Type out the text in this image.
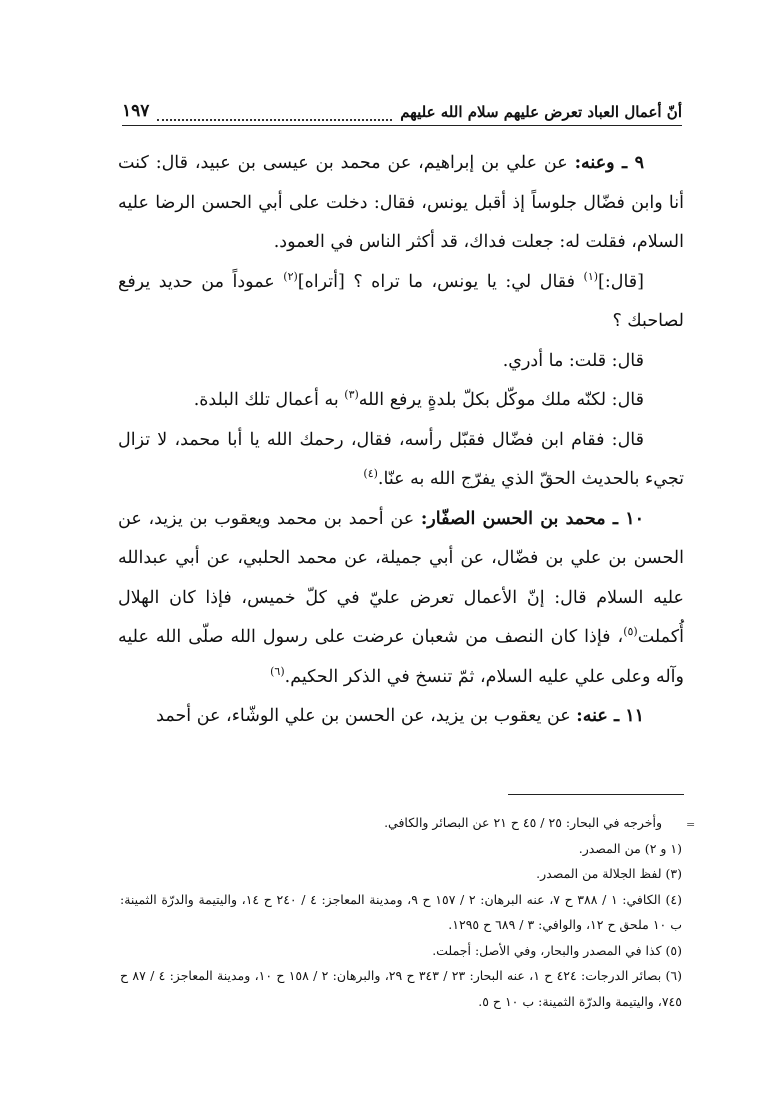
أنّ أعمال العباد تعرض عليهم سلام الله عليهم
١٩٧

٩ ـ وعنه: عن علي بن إبراهيم، عن محمد بن عيسى بن عبيد، قال: كنت أنا وابن فضّال جلوساً إذ أقبل يونس، فقال: دخلت على أبي الحسن الرضا عليه السلام، فقلت له: جعلت فداك، قد أكثر الناس في العمود.

[قال:]$^{(١)}$ فقال لي: يا يونس، ما تراه ؟ [أتراه]$^{(٢)}$ عموداً من حديد يرفع لصاحبك ؟

قال: قلت: ما أدري.

قال: لكنّه ملك موكّل بكلّ بلدةٍ يرفع الله$^{(٣)}$ به أعمال تلك البلدة.

قال: فقام ابن فضّال فقبّل رأسه، فقال، رحمك الله يا أبا محمد، لا تزال تجيء بالحديث الحقّ الذي يفرّج الله به عنّا.$^{(٤)}$

١٠ ـ محمد بن الحسن الصفّار: عن أحمد بن محمد ويعقوب بن يزيد، عن الحسن بن علي بن فضّال، عن أبي جميلة، عن محمد الحلبي، عن أبي عبدالله عليه السلام قال: إنّ الأعمال تعرض عليّ في كلّ خميس، فإذا كان الهلال أُكملت$^{(٥)}$، فإذا كان النصف من شعبان عرضت على رسول الله صلّى الله عليه وآله وعلى علي عليه السلام، ثمّ تنسخ في الذكر الحكيم.$^{(٦)}$

١١ ـ عنه: عن يعقوب بن يزيد، عن الحسن بن علي الوشّاء، عن أحمد

=

وأخرجه في البحار: ٢٥ / ٤٥ ح ٢١ عن البصائر والكافي.

(١ و ٢) من المصدر.

(٣) لفظ الجلالة من المصدر.

(٤) الكافي: ١ / ٣٨٨ ح ٧، عنه البرهان: ٢ / ١٥٧ ح ٩، ومدينة المعاجز: ٤ / ٢٤٠ ح ١٤، واليتيمة والدرّة الثمينة: ب ١٠ ملحق ح ١٢، والوافي: ٣ / ٦٨٩ ح ١٢٩٥.

(٥) كذا في المصدر والبحار، وفي الأصل: أجملت.

(٦) بصائر الدرجات: ٤٢٤ ح ١، عنه البحار: ٢٣ / ٣٤٣ ح ٢٩، والبرهان: ٢ / ١٥٨ ح ١٠، ومدينة المعاجز: ٤ / ٨٧ ح ٧٤٥، واليتيمة والدرّة الثمينة: ب ١٠ ح ٥.
